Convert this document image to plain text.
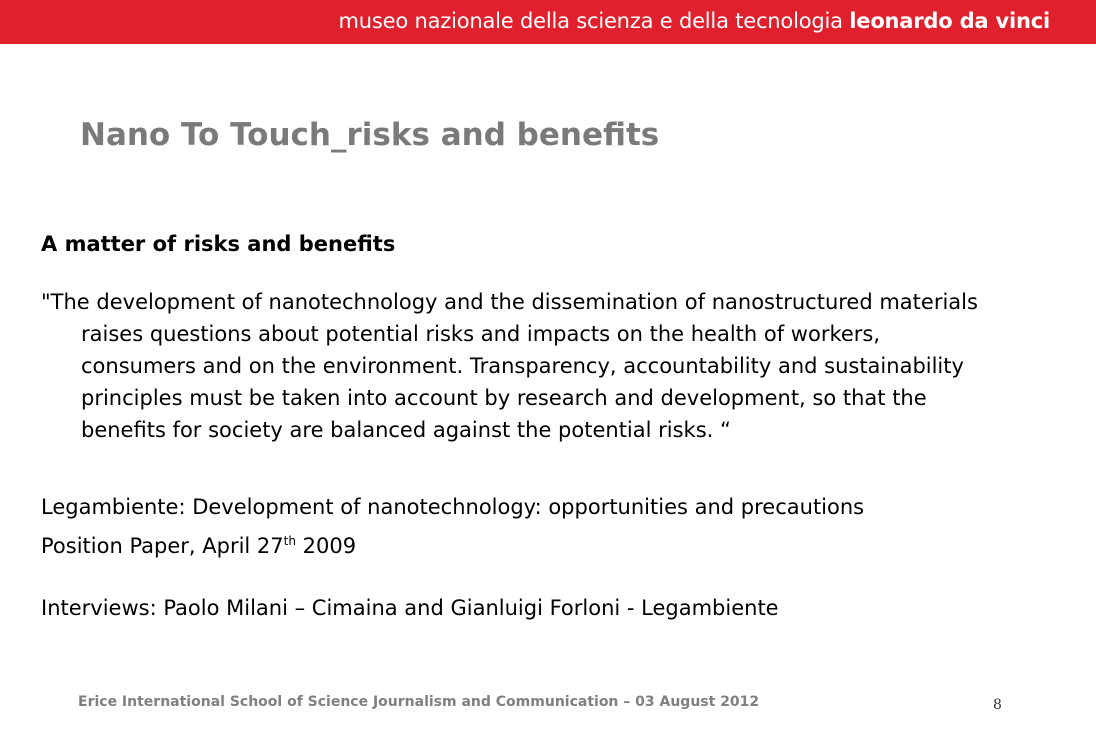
museo nazionale della scienza e della tecnologia leonardo da vinci
Nano To Touch_risks and benefits

A matter of risks and benefits

"The development of nanotechnology and the dissemination of nanostructured materials raises questions about potential risks and impacts on the health of workers, consumers and on the environment. Transparency, accountability and sustainability principles must be taken into account by research and development, so that the benefits for society are balanced against the potential risks. “

Legambiente: Development of nanotechnology: opportunities and precautions

Position Paper, April 27th 2009

Interviews: Paolo Milani – Cimaina and Gianluigi Forloni - Legambiente

Erice International School of Science Journalism and Communication – 03 August 2012	8
